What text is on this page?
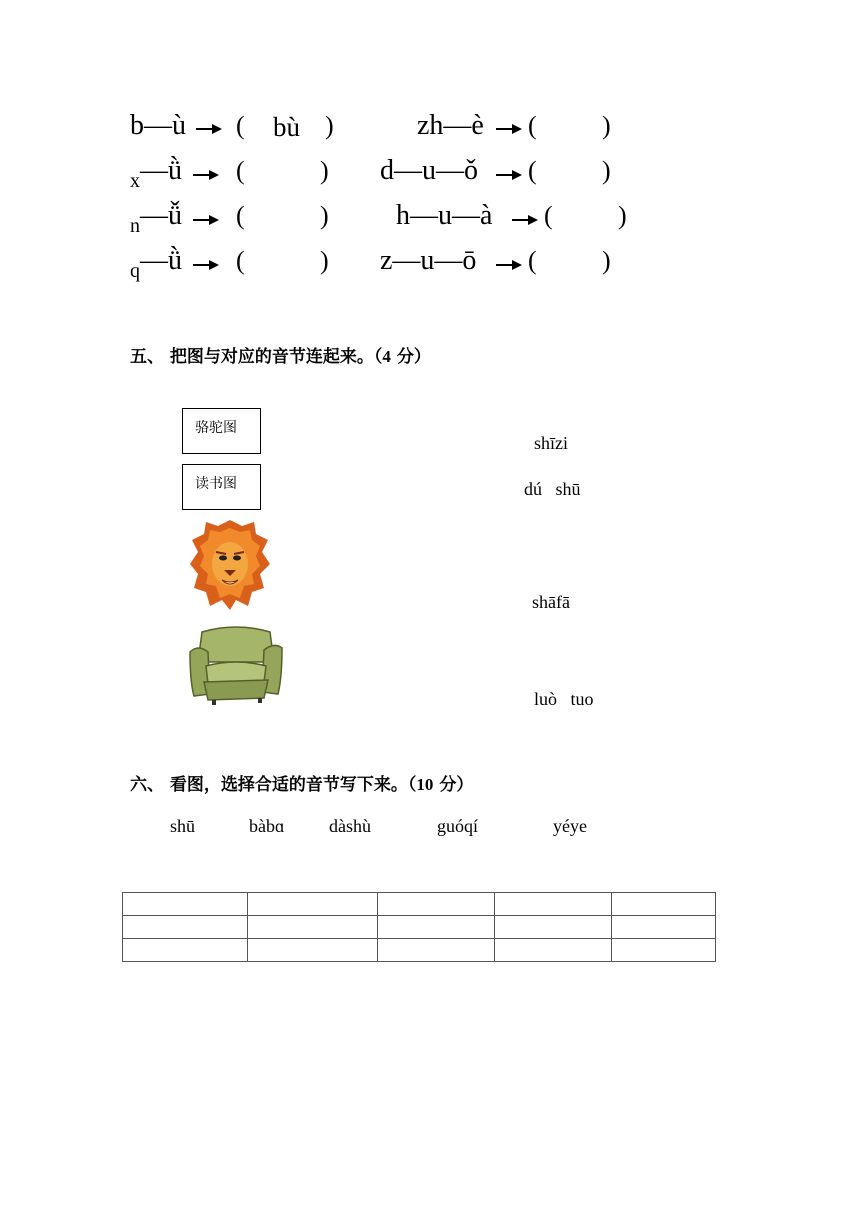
b—ù ( bù )	zh—è (	)
$_x$—ǜ (	) d—u—ǒ (	)
$_n$—ǚ (	) h—u—à (	)
$_q$—ǜ (	) z—u—ō (	)
五、 把图与对应的音节连起来。（4 分）
骆驼图
读书图
shīzi
dú   shū
shāfā
luò   tuo
六、 看图，选择合适的音节写下来。（10 分）
shū	bàbɑ dàshù	guóqí	yéye
